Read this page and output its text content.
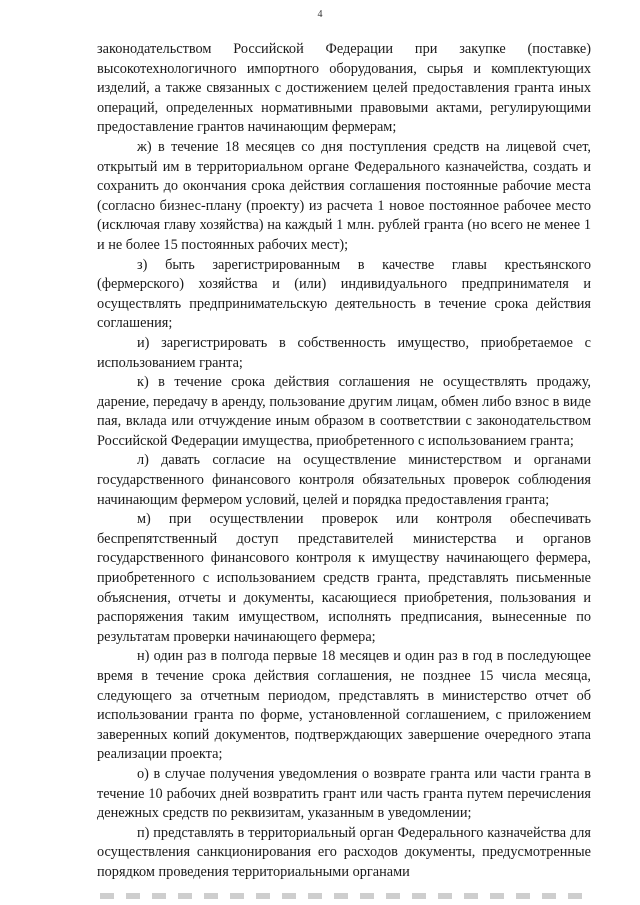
4

законодательством Российской Федерации при закупке (поставке) высокотехнологичного импортного оборудования, сырья и комплектующих изделий, а также связанных с достижением целей предоставления гранта иных операций, определенных нормативными правовыми актами, регулирующими предоставление грантов начинающим фермерам;

ж) в течение 18 месяцев со дня поступления средств на лицевой счет, открытый им в территориальном органе Федерального казначейства, создать и сохранить до окончания срока действия соглашения постоянные рабочие места (согласно бизнес-плану (проекту) из расчета 1 новое постоянное рабочее место (исключая главу хозяйства) на каждый 1 млн. рублей гранта (но всего не менее 1 и не более 15 постоянных рабочих мест);

з) быть зарегистрированным в качестве главы крестьянского (фермерского) хозяйства и (или) индивидуального предпринимателя и осуществлять предпринимательскую деятельность в течение срока действия соглашения;

и) зарегистрировать в собственность имущество, приобретаемое с использованием гранта;

к) в течение срока действия соглашения не осуществлять продажу, дарение, передачу в аренду, пользование другим лицам, обмен либо взнос в виде пая, вклада или отчуждение иным образом в соответствии с законодательством Российской Федерации имущества, приобретенного с использованием гранта;

л) давать согласие на осуществление министерством и органами государственного финансового контроля обязательных проверок соблюдения начинающим фермером условий, целей и порядка предоставления гранта;

м) при осуществлении проверок или контроля обеспечивать беспрепятственный доступ представителей министерства и органов государственного финансового контроля к имуществу начинающего фермера, приобретенного с использованием средств гранта, представлять письменные объяснения, отчеты и документы, касающиеся приобретения, пользования и распоряжения таким имуществом, исполнять предписания, вынесенные по результатам проверки начинающего фермера;

н) один раз в полгода первые 18 месяцев и один раз в год в последующее время в течение срока действия соглашения, не позднее 15 числа месяца, следующего за отчетным периодом, представлять в министерство отчет об использовании гранта по форме, установленной соглашением, с приложением заверенных копий документов, подтверждающих завершение очередного этапа реализации проекта;

о) в случае получения уведомления о возврате гранта или части гранта в течение 10 рабочих дней возвратить грант или часть гранта путем перечисления денежных средств по реквизитам, указанным в уведомлении;

п) представлять в территориальный орган Федерального казначейства для осуществления санкционирования его расходов документы, предусмотренные порядком проведения территориальными органами
